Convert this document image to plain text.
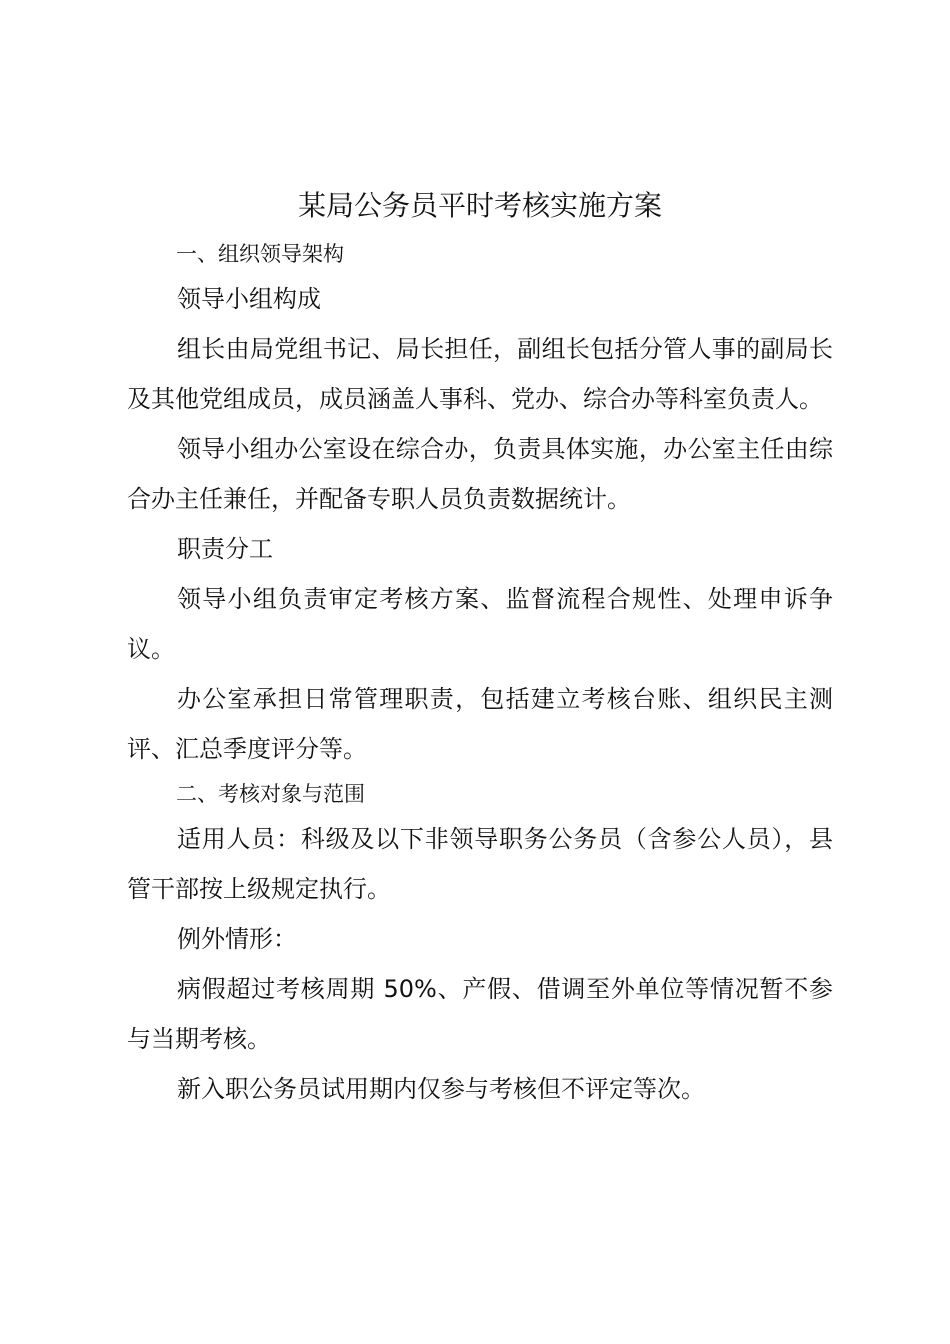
某局公务员平时考核实施方案
一、组织领导架构
领导小组构成

组长由局党组书记、局长担任，副组长包括分管人事的副局长及其他党组成员，成员涵盖人事科、党办、综合办等科室负责人。

领导小组办公室设在综合办，负责具体实施，办公室主任由综合办主任兼任，并配备专职人员负责数据统计。

职责分工

领导小组负责审定考核方案、监督流程合规性、处理申诉争议。

办公室承担日常管理职责，包括建立考核台账、组织民主测评、汇总季度评分等。

二、考核对象与范围

适用人员：科级及以下非领导职务公务员（含参公人员），县管干部按上级规定执行。

例外情形：

病假超过考核周期 50%、产假、借调至外单位等情况暂不参与当期考核。

新入职公务员试用期内仅参与考核但不评定等次。
